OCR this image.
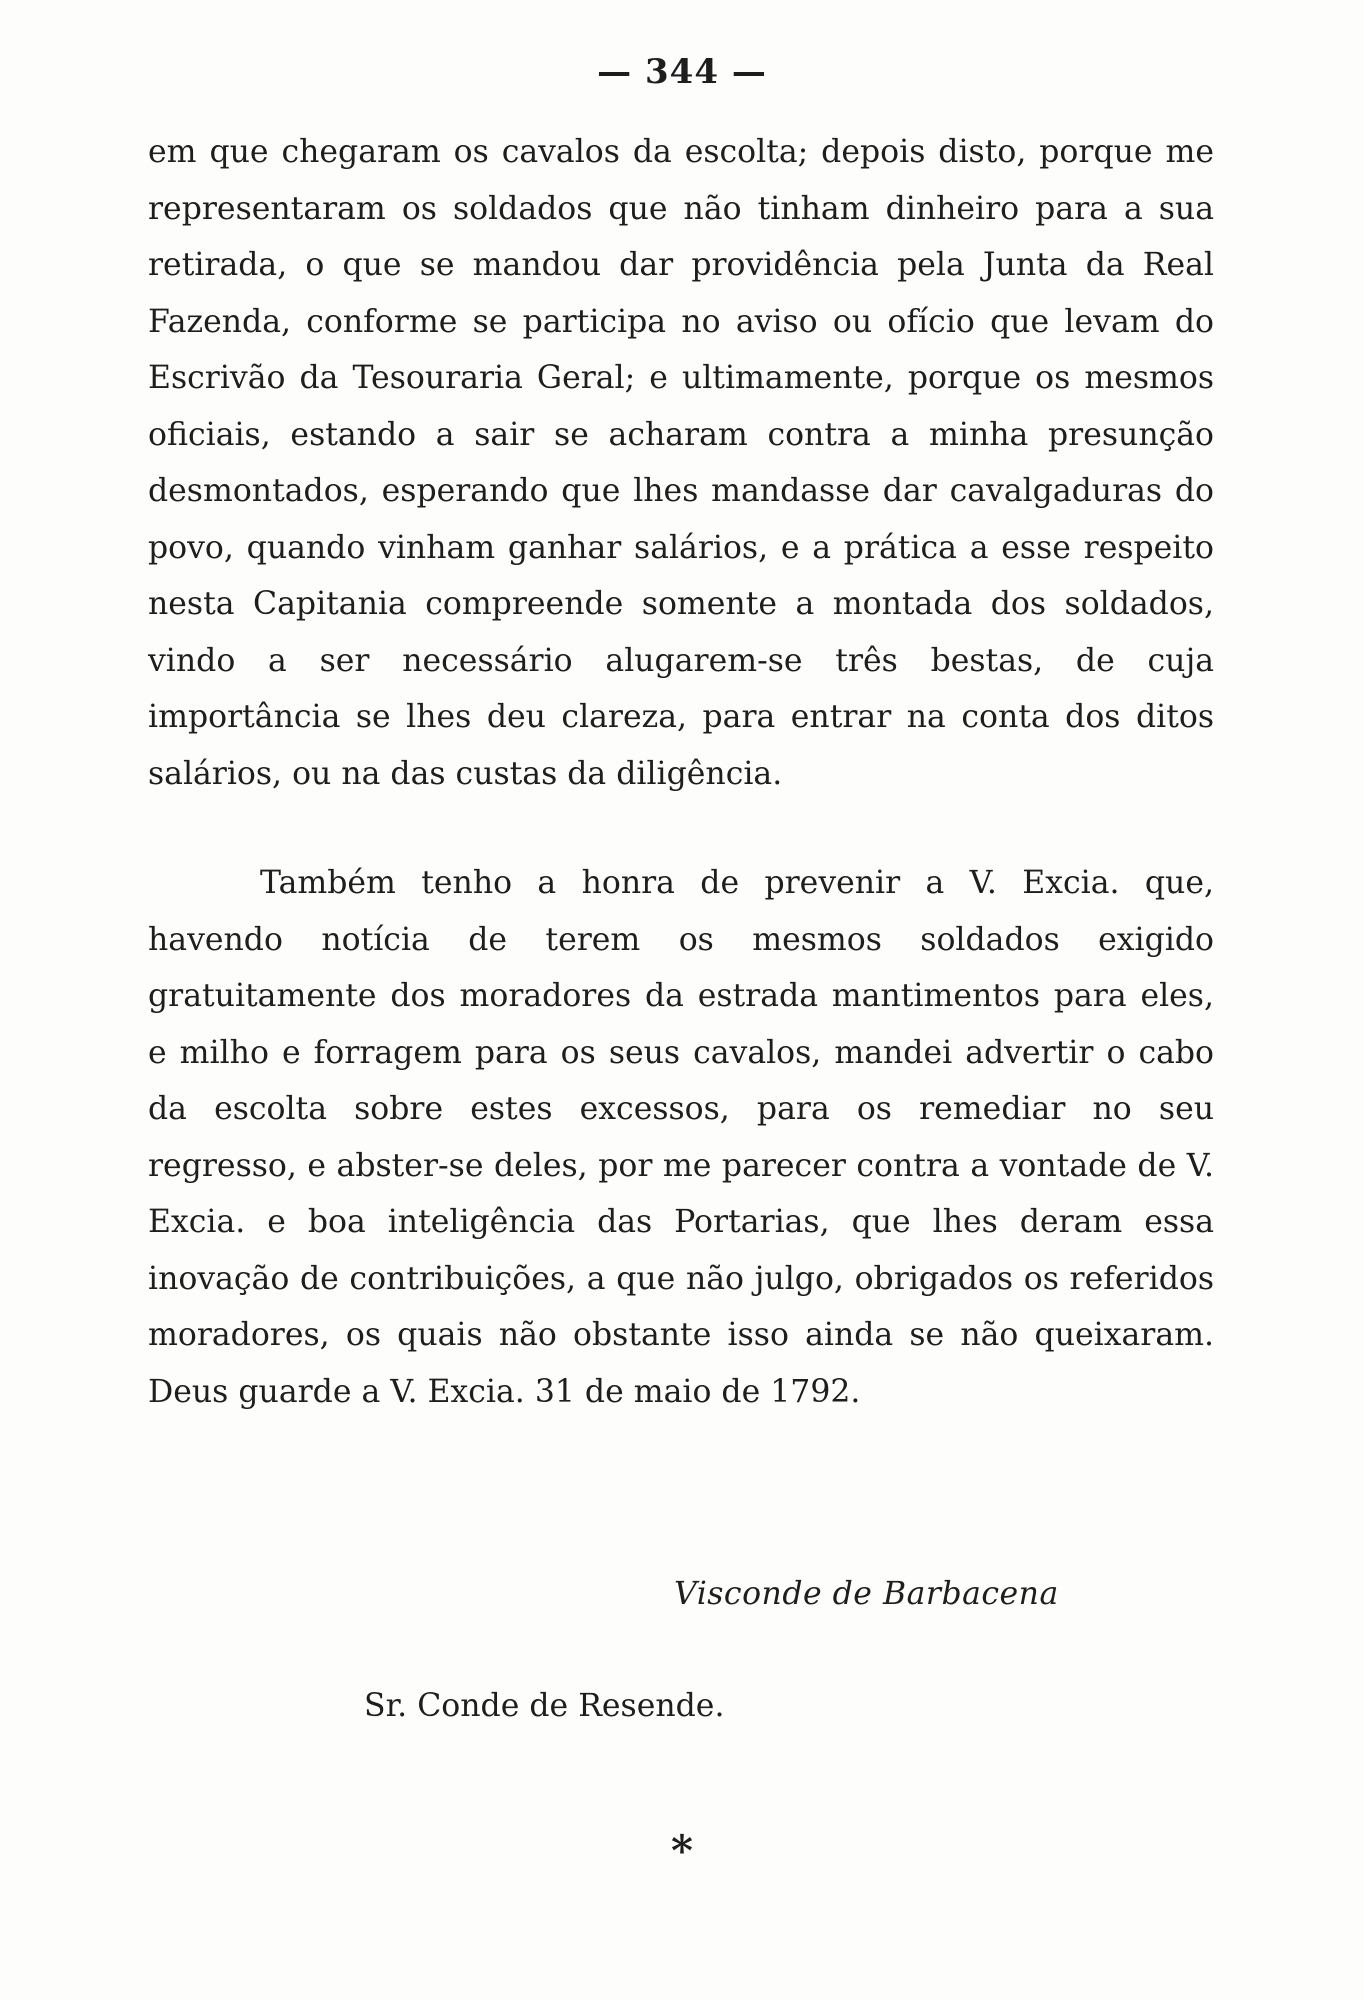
— 344 —

em que chegaram os cavalos da escolta; depois disto, porque me representaram os soldados que não tinham dinheiro para a sua retirada, o que se mandou dar providência pela Junta da Real Fazenda, conforme se participa no aviso ou ofício que levam do Escrivão da Tesouraria Geral; e ultimamente, porque os mesmos oficiais, estando a sair se acharam contra a minha presunção desmontados, esperando que lhes mandasse dar cavalgaduras do povo, quando vinham ganhar salários, e a prática a esse respeito nesta Capitania compreende somente a montada dos soldados, vindo a ser necessário alugarem-se três bestas, de cuja importância se lhes deu clareza, para entrar na conta dos ditos salários, ou na das custas da diligência.

Também tenho a honra de prevenir a V. Excia. que, havendo notícia de terem os mesmos soldados exigido gratuitamente dos moradores da estrada mantimentos para eles, e milho e forragem para os seus cavalos, mandei advertir o cabo da escolta sobre estes excessos, para os remediar no seu regresso, e abster-se deles, por me parecer contra a vontade de V. Excia. e boa inteligência das Portarias, que lhes deram essa inovação de contribuições, a que não julgo, obrigados os referidos moradores, os quais não obstante isso ainda se não queixaram. Deus guarde a V. Excia. 31 de maio de 1792.

Visconde de Barbacena
Sr. Conde de Resende.
*
